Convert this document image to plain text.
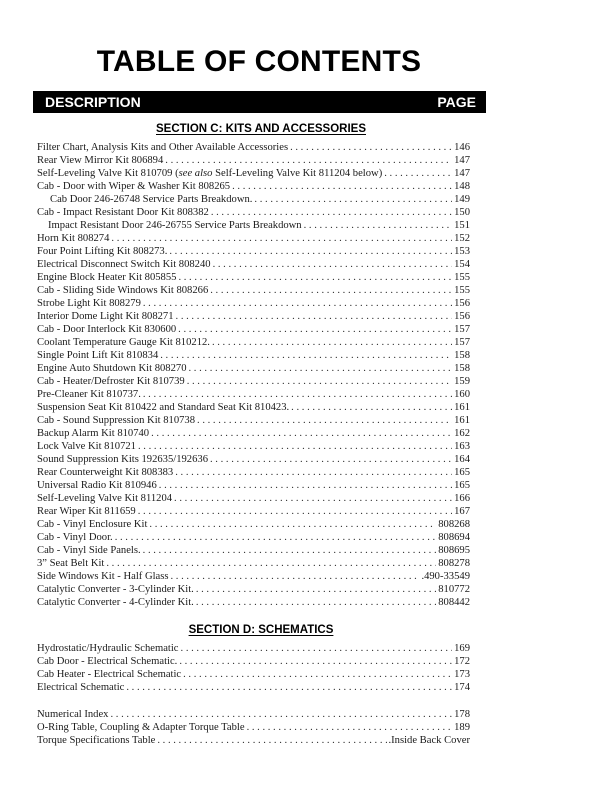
TABLE OF CONTENTS
DESCRIPTION	PAGE
SECTION C: KITS AND ACCESSORIES
Filter Chart, Analysis Kits and Other Available Accessories . . .	146
Rear View Mirror Kit 806894 . . .	147
Self-Leveling Valve Kit 810709 (see also Self-Leveling Valve Kit 811204 below) . . .	147
Cab - Door with Wiper & Washer Kit 808265 . . .	148
Cab Door 246-26748 Service Parts Breakdown. . . .	149
Cab - Impact Resistant Door Kit 808382 . . .	150
Impact Resistant Door 246-26755 Service Parts Breakdown . . .	151
Horn Kit 808274 . . .	152
Four Point Lifting Kit 808273. . . .	153
Electrical Disconnect Switch Kit 808240 . . .	154
Engine Block Heater Kit 805855 . . .	155
Cab - Sliding Side Windows Kit 808266 . . .	155
Strobe Light Kit 808279 . . .	156
Interior Dome Light Kit 808271 . . .	156
Cab - Door Interlock Kit 830600 . . .	157
Coolant Temperature Gauge Kit 810212. . . .	157
Single Point Lift Kit 810834 . . .	158
Engine Auto Shutdown Kit 808270 . . .	158
Cab - Heater/Defroster Kit 810739 . . .	159
Pre-Cleaner Kit 810737. . . .	160
Suspension Seat Kit 810422 and Standard Seat Kit 810423. . . .	161
Cab - Sound Suppression Kit 810738 . . .	161
Backup Alarm Kit 810740 . . .	162
Lock Valve Kit 810721 . . .	163
Sound Suppression Kits 192635/192636 . . .	164
Rear Counterweight Kit 808383 . . .	165
Universal Radio Kit 810946 . . .	165
Self-Leveling Valve Kit 811204 . . .	166
Rear Wiper Kit 811659 . . .	167
Cab - Vinyl Enclosure Kit . . .	808268
Cab - Vinyl Door. . . .	808694
Cab - Vinyl Side Panels. . . .	808695
3” Seat Belt Kit . . .	808278
Side Windows Kit - Half Glass . . .	.490-33549
Catalytic Converter - 3-Cylinder Kit. . . .	810772
Catalytic Converter - 4-Cylinder Kit. . . .	808442
SECTION D: SCHEMATICS
Hydrostatic/Hydraulic Schematic . . .	169
Cab Door - Electrical Schematic. . . .	172
Cab Heater - Electrical Schematic . . .	173
Electrical Schematic . . .	174
Numerical Index . . .	178
O-Ring Table, Coupling & Adapter Torque Table . . .	189
Torque Specifications Table . . .	.Inside Back Cover
